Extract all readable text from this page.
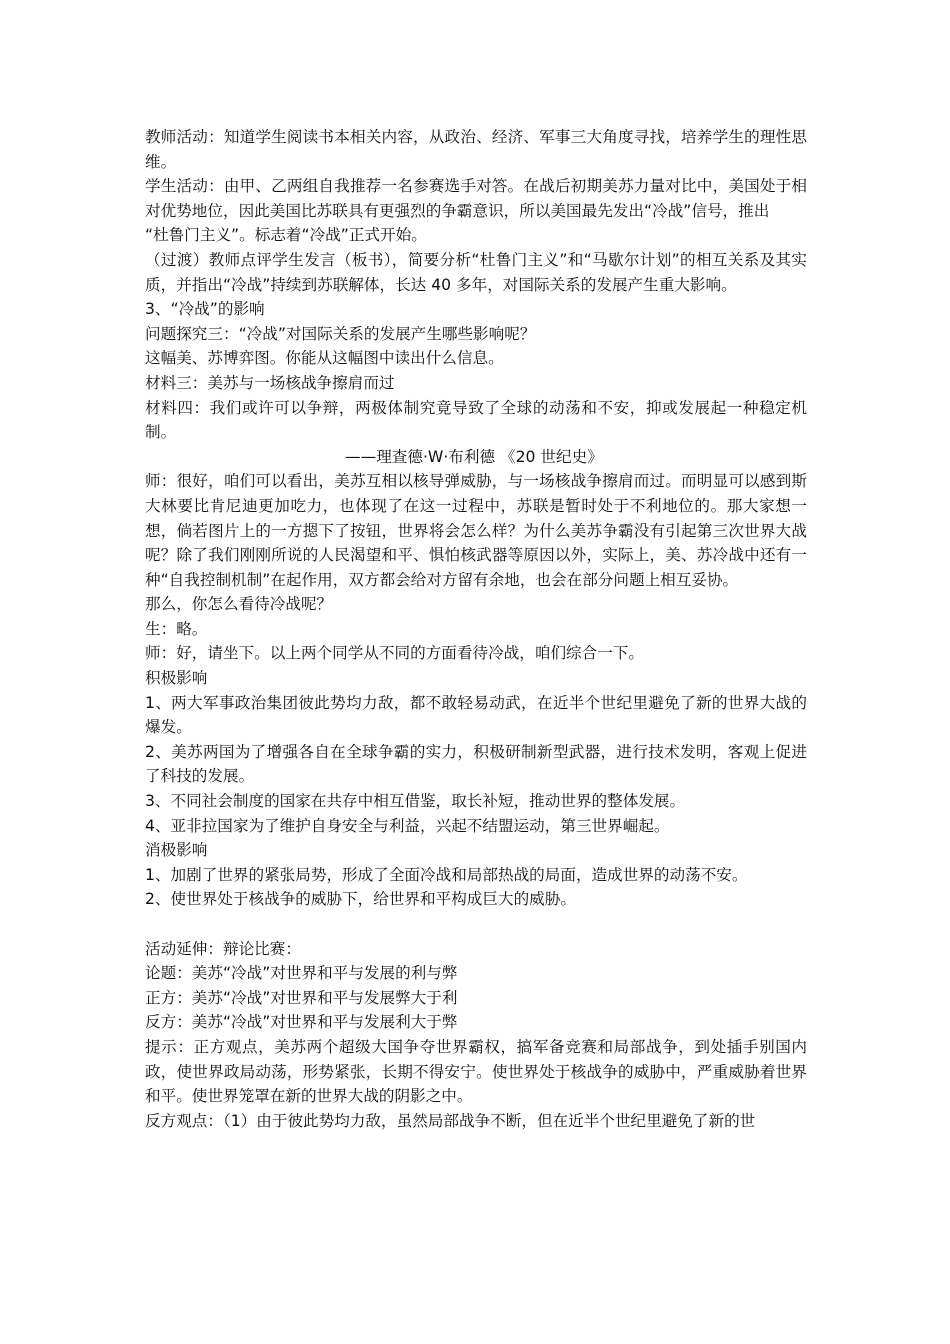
教师活动：知道学生阅读书本相关内容，从政治、经济、军事三大角度寻找，培养学生的理性思维。

学生活动：由甲、乙两组自我推荐一名参赛选手对答。在战后初期美苏力量对比中，美国处于相对优势地位，因此美国比苏联具有更强烈的争霸意识，所以美国最先发出“冷战”信号，推出

“杜鲁门主义”。标志着“冷战”正式开始。

（过渡）教师点评学生发言（板书），简要分析“杜鲁门主义”和“马歇尔计划”的相互关系及其实质，并指出“冷战”持续到苏联解体，长达 40 多年，对国际关系的发展产生重大影响。

3、“冷战”的影响

问题探究三：“冷战”对国际关系的发展产生哪些影响呢？

这幅美、苏博弈图。你能从这幅图中读出什么信息。

材料三：美苏与一场核战争擦肩而过

材料四：我们或许可以争辩，两极体制究竟导致了全球的动荡和不安，抑或发展起一种稳定机制。

——理查德·W·布利德 《20 世纪史》

师：很好，咱们可以看出，美苏互相以核导弹威胁，与一场核战争擦肩而过。而明显可以感到斯大林要比肯尼迪更加吃力，也体现了在这一过程中，苏联是暂时处于不利地位的。那大家想一想，倘若图片上的一方摁下了按钮，世界将会怎么样？为什么美苏争霸没有引起第三次世界大战呢？除了我们刚刚所说的人民渴望和平、惧怕核武器等原因以外，实际上，美、苏冷战中还有一种“自我控制机制”在起作用，双方都会给对方留有余地，也会在部分问题上相互妥协。

那么，你怎么看待冷战呢？

生：略。

师：好，请坐下。以上两个同学从不同的方面看待冷战，咱们综合一下。

积极影响

1、两大军事政治集团彼此势均力敌，都不敢轻易动武，在近半个世纪里避免了新的世界大战的爆发。

2、美苏两国为了增强各自在全球争霸的实力，积极研制新型武器，进行技术发明，客观上促进了科技的发展。

3、不同社会制度的国家在共存中相互借鉴，取长补短，推动世界的整体发展。

4、亚非拉国家为了维护自身安全与利益，兴起不结盟运动，第三世界崛起。

消极影响

1、加剧了世界的紧张局势，形成了全面冷战和局部热战的局面，造成世界的动荡不安。

2、使世界处于核战争的威胁下，给世界和平构成巨大的威胁。

活动延伸：辩论比赛：

论题：美苏“冷战”对世界和平与发展的利与弊

正方：美苏“冷战”对世界和平与发展弊大于利

反方：美苏“冷战”对世界和平与发展利大于弊

提示：正方观点，美苏两个超级大国争夺世界霸权，搞军备竞赛和局部战争，到处插手别国内政，使世界政局动荡，形势紧张，长期不得安宁。使世界处于核战争的威胁中，严重威胁着世界和平。使世界笼罩在新的世界大战的阴影之中。

反方观点：（1）由于彼此势均力敌，虽然局部战争不断，但在近半个世纪里避免了新的世
